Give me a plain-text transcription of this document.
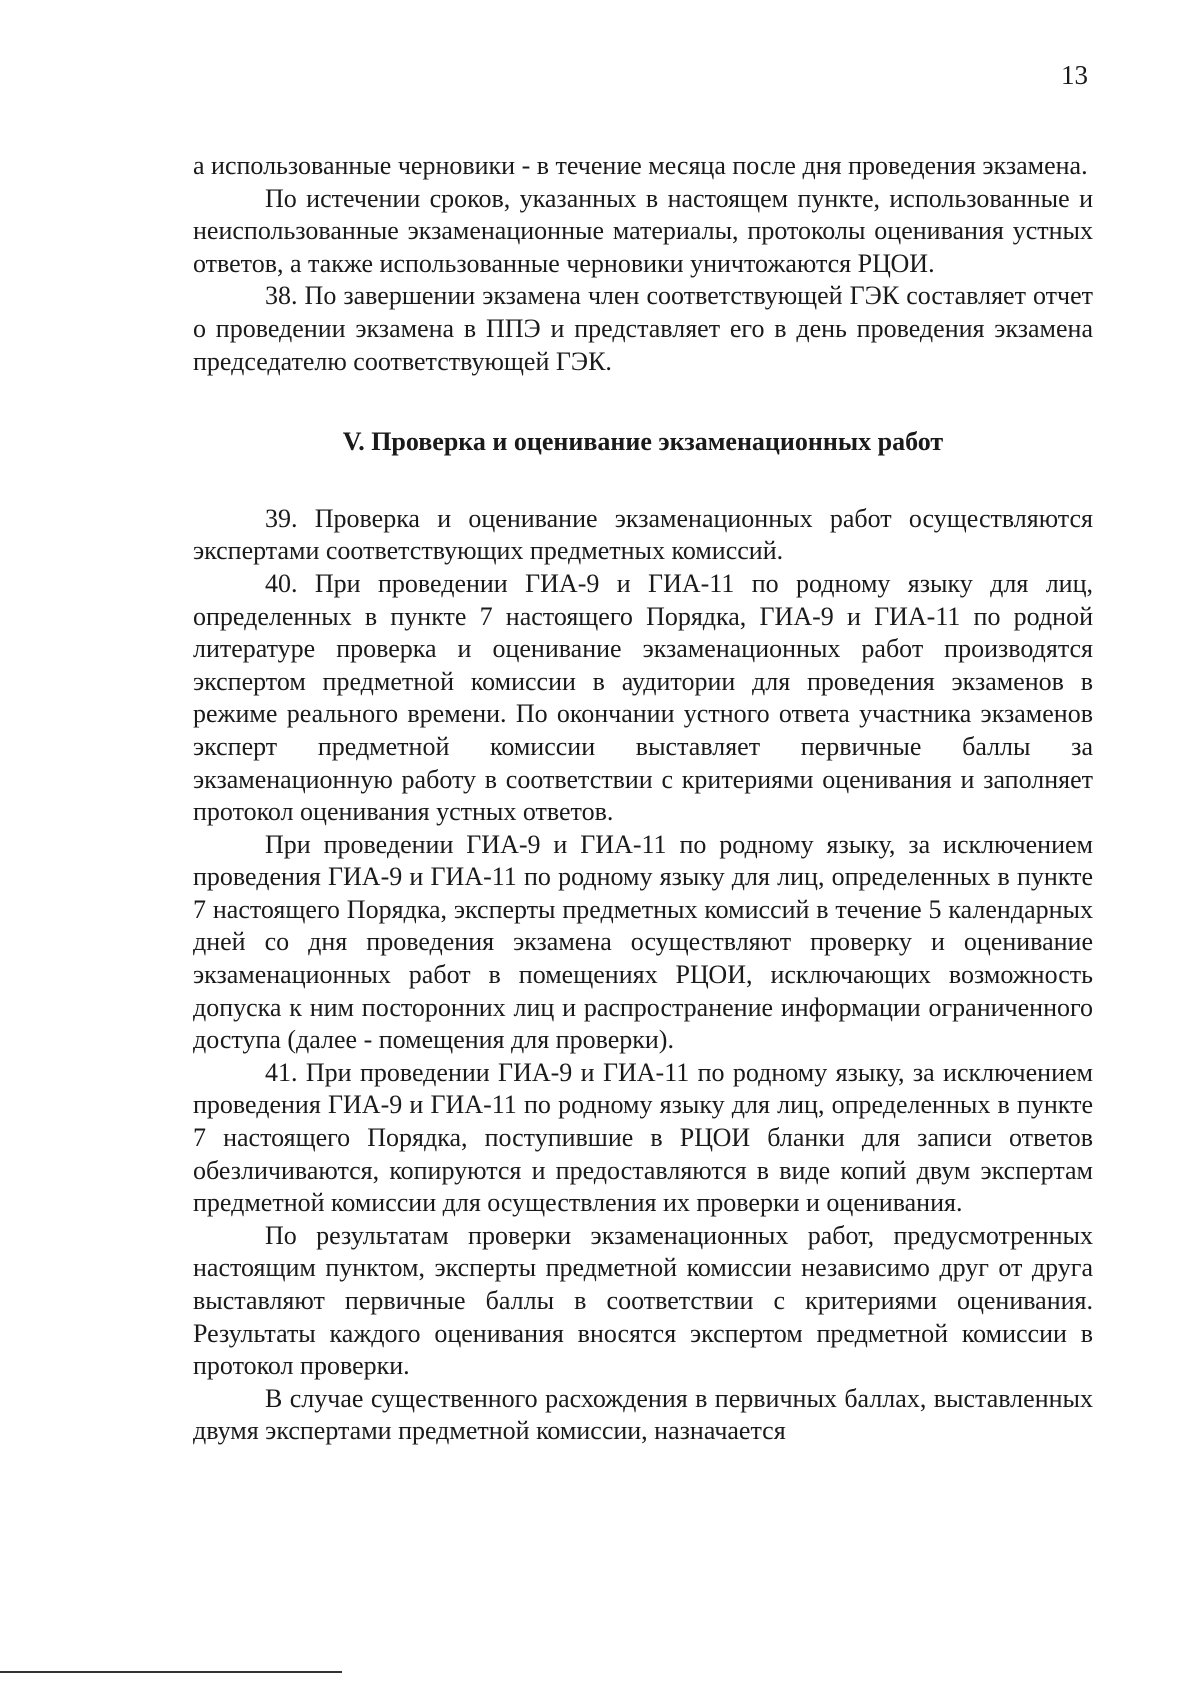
13

а использованные черновики - в течение месяца после дня проведения экзамена.

По истечении сроков, указанных в настоящем пункте, использованные и неиспользованные экзаменационные материалы, протоколы оценивания устных ответов, а также использованные черновики уничтожаются РЦОИ.

38. По завершении экзамена член соответствующей ГЭК составляет отчет о проведении экзамена в ППЭ и представляет его в день проведения экзамена председателю соответствующей ГЭК.

V. Проверка и оценивание экзаменационных работ

39. Проверка и оценивание экзаменационных работ осуществляются экспертами соответствующих предметных комиссий.

40. При проведении ГИА-9 и ГИА-11 по родному языку для лиц, определенных в пункте 7 настоящего Порядка, ГИА-9 и ГИА-11 по родной литературе проверка и оценивание экзаменационных работ производятся экспертом предметной комиссии в аудитории для проведения экзаменов в режиме реального времени. По окончании устного ответа участника экзаменов эксперт предметной комиссии выставляет первичные баллы за экзаменационную работу в соответствии с критериями оценивания и заполняет протокол оценивания устных ответов.

При проведении ГИА-9 и ГИА-11 по родному языку, за исключением проведения ГИА-9 и ГИА-11 по родному языку для лиц, определенных в пункте 7 настоящего Порядка, эксперты предметных комиссий в течение 5 календарных дней со дня проведения экзамена осуществляют проверку и оценивание экзаменационных работ в помещениях РЦОИ, исключающих возможность допуска к ним посторонних лиц и распространение информации ограниченного доступа (далее - помещения для проверки).

41. При проведении ГИА-9 и ГИА-11 по родному языку, за исключением проведения ГИА-9 и ГИА-11 по родному языку для лиц, определенных в пункте 7 настоящего Порядка, поступившие в РЦОИ бланки для записи ответов обезличиваются, копируются и предоставляются в виде копий двум экспертам предметной комиссии для осуществления их проверки и оценивания.

По результатам проверки экзаменационных работ, предусмотренных настоящим пунктом, эксперты предметной комиссии независимо друг от друга выставляют первичные баллы в соответствии с критериями оценивания. Результаты каждого оценивания вносятся экспертом предметной комиссии в протокол проверки.

В случае существенного расхождения в первичных баллах, выставленных двумя экспертами предметной комиссии, назначается
